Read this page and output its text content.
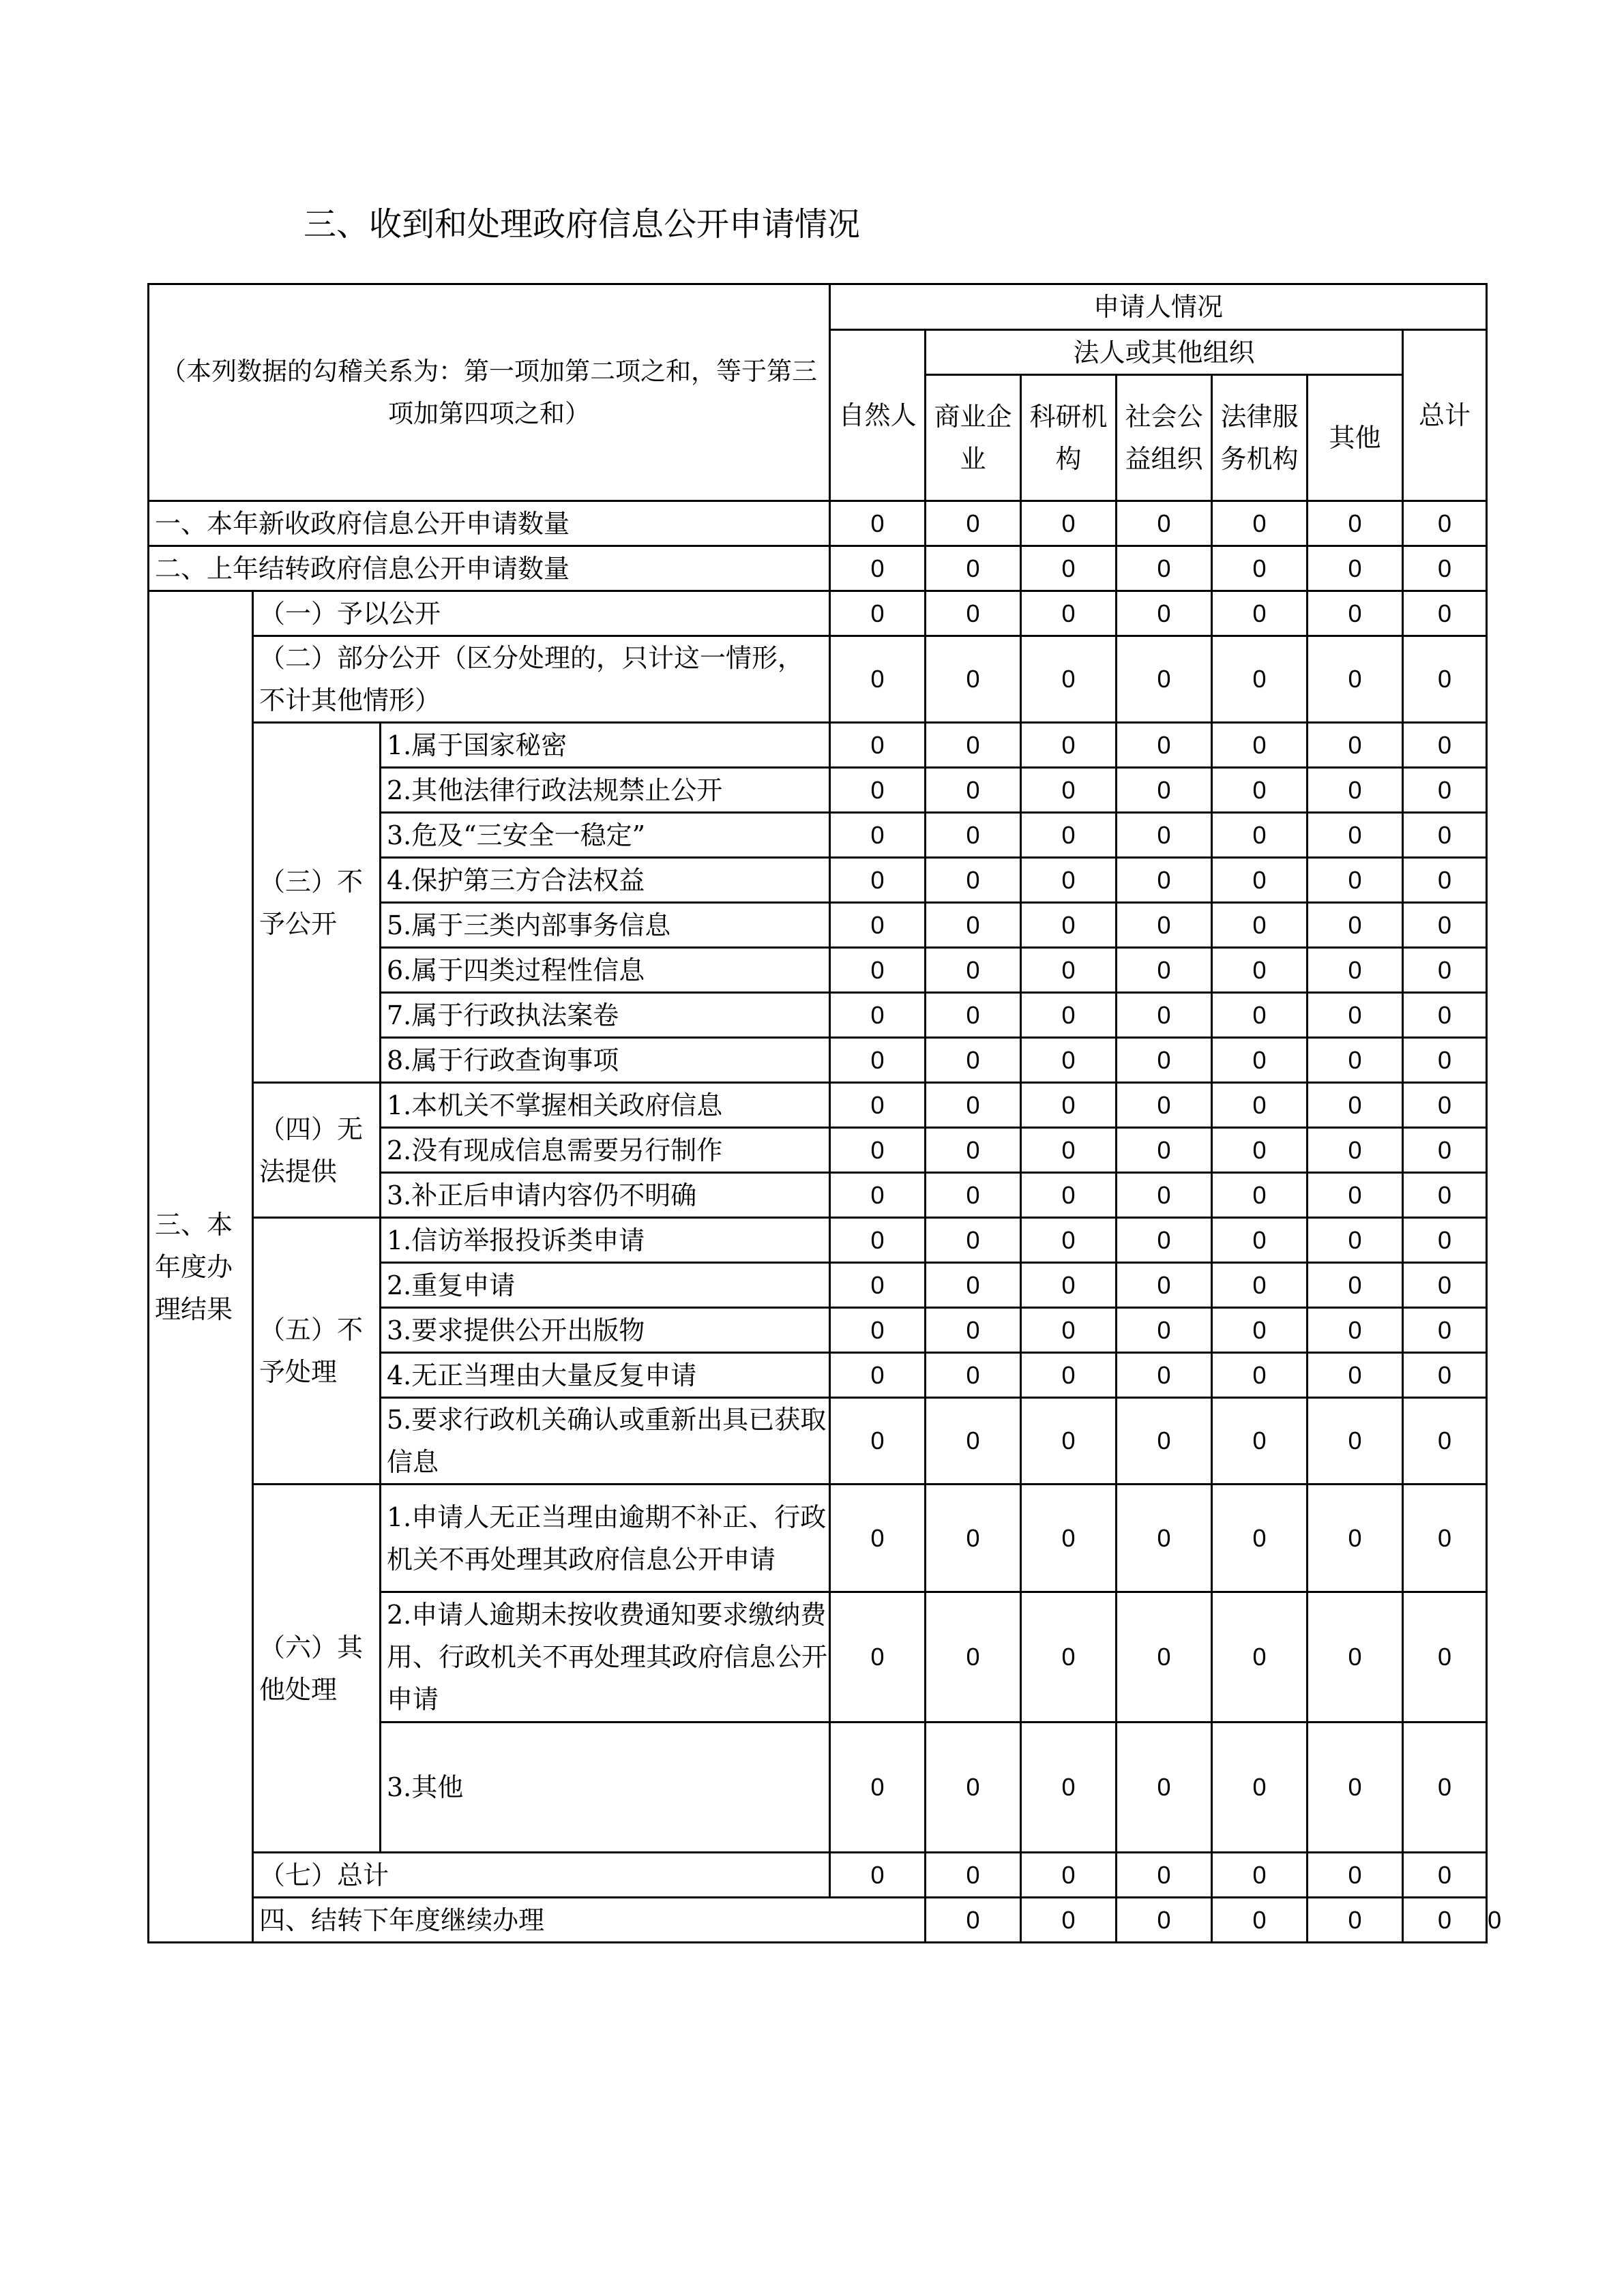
三、收到和处理政府信息公开申请情况
（本列数据的勾稽关系为：第一项加第二项之和，等于第三项加第四项之和）			申请人情况							
			自然人	法人或其他组织					总计	
				商业企业	科研机构	社会公益组织	法律服务机构	其他		
一、本年新收政府信息公开申请数量			0	0	0	0	0	0	0	
二、上年结转政府信息公开申请数量			0	0	0	0	0	0	0	
三、本年度办理结果	（一）予以公开		0	0	0	0	0	0	0	
	（二）部分公开（区分处理的，只计这一情形，不计其他情形）		0	0	0	0	0	0	0	
	（三）不予公开	1.属于国家秘密	0	0	0	0	0	0	0	
		2.其他法律行政法规禁止公开	0	0	0	0	0	0	0	
		3.危及“三安全一稳定”	0	0	0	0	0	0	0	
		4.保护第三方合法权益	0	0	0	0	0	0	0	
		5.属于三类内部事务信息	0	0	0	0	0	0	0	
		6.属于四类过程性信息	0	0	0	0	0	0	0	
		7.属于行政执法案卷	0	0	0	0	0	0	0	
		8.属于行政查询事项	0	0	0	0	0	0	0	
	（四）无法提供	1.本机关不掌握相关政府信息	0	0	0	0	0	0	0	
		2.没有现成信息需要另行制作	0	0	0	0	0	0	0	
		3.补正后申请内容仍不明确	0	0	0	0	0	0	0	
	（五）不予处理	1.信访举报投诉类申请	0	0	0	0	0	0	0	
		2.重复申请	0	0	0	0	0	0	0	
		3.要求提供公开出版物	0	0	0	0	0	0	0	
		4.无正当理由大量反复申请	0	0	0	0	0	0	0	
		5.要求行政机关确认或重新出具已获取信息	0	0	0	0	0	0	0	
	（六）其他处理	1.申请人无正当理由逾期不补正、行政机关不再处理其政府信息公开申请	0	0	0	0	0	0	0	
		2.申请人逾期未按收费通知要求缴纳费用、行政机关不再处理其政府信息公开申请	0	0	0	0	0	0	0	
		3.其他	0	0	0	0	0	0	0	
	（七）总计		0	0	0	0	0	0	0	
	四、结转下年度继续办理			0	0	0	0	0	0	0
